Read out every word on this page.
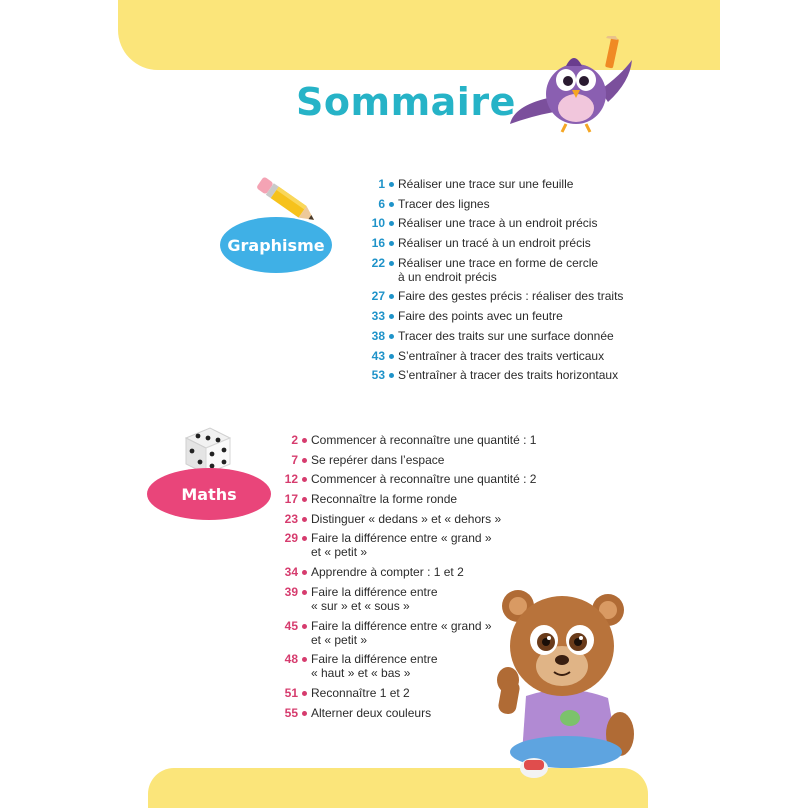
Sommaire
Graphisme
Maths
1 Réaliser une trace sur une feuille
6 Tracer des lignes
10 Réaliser une trace à un endroit précis
16 Réaliser un tracé à un endroit précis
22 Réaliser une trace en forme de cercle
à un endroit précis
27 Faire des gestes précis : réaliser des traits
33 Faire des points avec un feutre
38 Tracer des traits sur une surface donnée
43 S’entraîner à tracer des traits verticaux
53 S’entraîner à tracer des traits horizontaux
2 Commencer à reconnaître une quantité : 1
7 Se repérer dans l’espace
12 Commencer à reconnaître une quantité : 2
17 Reconnaître la forme ronde
23 Distinguer « dedans » et « dehors »
29 Faire la différence entre « grand »
et « petit »
34 Apprendre à compter : 1 et 2
39 Faire la différence entre
« sur » et « sous »
45 Faire la différence entre « grand »
et « petit »
48 Faire la différence entre
« haut » et « bas »
51 Reconnaître 1 et 2
55 Alterner deux couleurs
